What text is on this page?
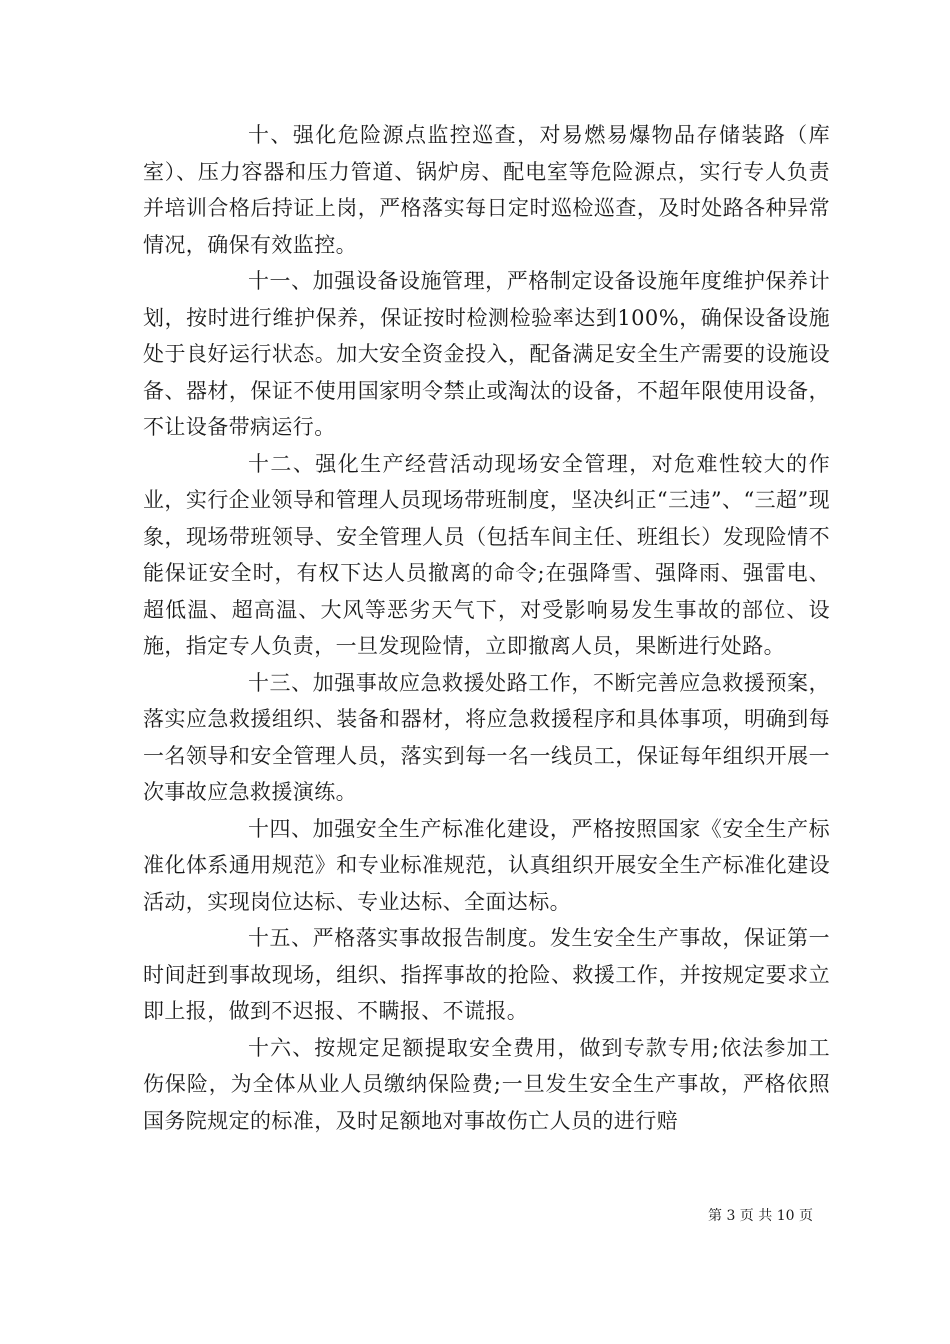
十、强化危险源点监控巡查，对易燃易爆物品存储装路（库室）、压力容器和压力管道、锅炉房、配电室等危险源点，实行专人负责并培训合格后持证上岗，严格落实每日定时巡检巡查，及时处路各种异常情况，确保有效监控。

十一、加强设备设施管理，严格制定设备设施年度维护保养计划，按时进行维护保养，保证按时检测检验率达到100%，确保设备设施处于良好运行状态。加大安全资金投入，配备满足安全生产需要的设施设备、器材，保证不使用国家明令禁止或淘汰的设备，不超年限使用设备，不让设备带病运行。

十二、强化生产经营活动现场安全管理，对危难性较大的作业，实行企业领导和管理人员现场带班制度，坚决纠正“三违”、“三超”现象，现场带班领导、安全管理人员（包括车间主任、班组长）发现险情不能保证安全时，有权下达人员撤离的命令;在强降雪、强降雨、强雷电、超低温、超高温、大风等恶劣天气下，对受影响易发生事故的部位、设施，指定专人负责，一旦发现险情，立即撤离人员，果断进行处路。

十三、加强事故应急救援处路工作，不断完善应急救援预案，落实应急救援组织、装备和器材，将应急救援程序和具体事项，明确到每一名领导和安全管理人员，落实到每一名一线员工，保证每年组织开展一次事故应急救援演练。

十四、加强安全生产标准化建设，严格按照国家《安全生产标准化体系通用规范》和专业标准规范，认真组织开展安全生产标准化建设活动，实现岗位达标、专业达标、全面达标。

十五、严格落实事故报告制度。发生安全生产事故，保证第一时间赶到事故现场，组织、指挥事故的抢险、救援工作，并按规定要求立即上报，做到不迟报、不瞒报、不谎报。

十六、按规定足额提取安全费用，做到专款专用;依法参加工伤保险，为全体从业人员缴纳保险费;一旦发生安全生产事故，严格依照国务院规定的标准，及时足额地对事故伤亡人员的进行赔

第 3 页 共 10 页
